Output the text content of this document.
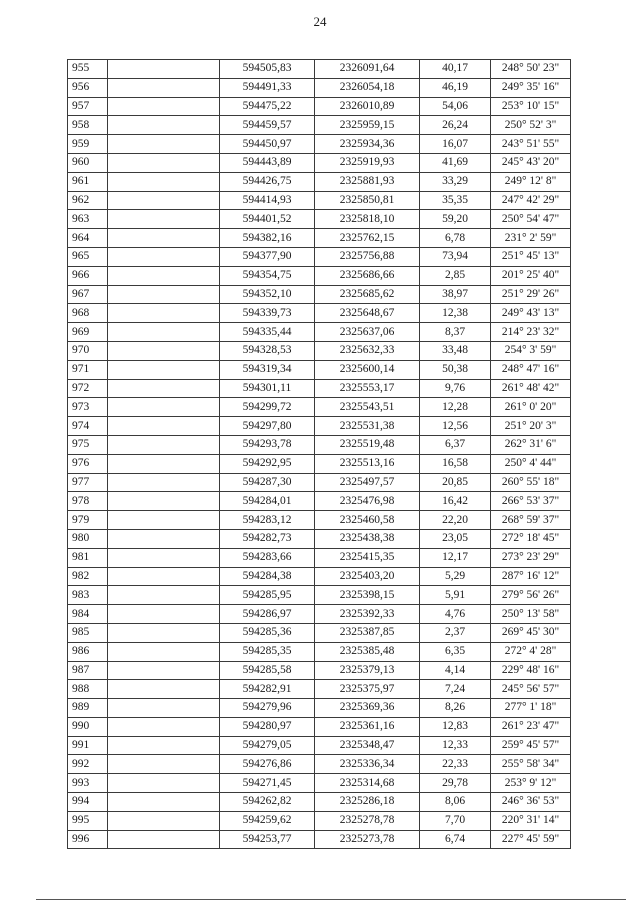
24
955		594505,83	2326091,64	40,17	248° 50' 23"
956		594491,33	2326054,18	46,19	249° 35' 16"
957		594475,22	2326010,89	54,06	253° 10' 15"
958		594459,57	2325959,15	26,24	250° 52' 3"
959		594450,97	2325934,36	16,07	243° 51' 55"
960		594443,89	2325919,93	41,69	245° 43' 20"
961		594426,75	2325881,93	33,29	249° 12' 8"
962		594414,93	2325850,81	35,35	247° 42' 29"
963		594401,52	2325818,10	59,20	250° 54' 47"
964		594382,16	2325762,15	6,78	231° 2' 59"
965		594377,90	2325756,88	73,94	251° 45' 13"
966		594354,75	2325686,66	2,85	201° 25' 40"
967		594352,10	2325685,62	38,97	251° 29' 26"
968		594339,73	2325648,67	12,38	249° 43' 13"
969		594335,44	2325637,06	8,37	214° 23' 32"
970		594328,53	2325632,33	33,48	254° 3' 59"
971		594319,34	2325600,14	50,38	248° 47' 16"
972		594301,11	2325553,17	9,76	261° 48' 42"
973		594299,72	2325543,51	12,28	261° 0' 20"
974		594297,80	2325531,38	12,56	251° 20' 3"
975		594293,78	2325519,48	6,37	262° 31' 6"
976		594292,95	2325513,16	16,58	250° 4' 44"
977		594287,30	2325497,57	20,85	260° 55' 18"
978		594284,01	2325476,98	16,42	266° 53' 37"
979		594283,12	2325460,58	22,20	268° 59' 37"
980		594282,73	2325438,38	23,05	272° 18' 45"
981		594283,66	2325415,35	12,17	273° 23' 29"
982		594284,38	2325403,20	5,29	287° 16' 12"
983		594285,95	2325398,15	5,91	279° 56' 26"
984		594286,97	2325392,33	4,76	250° 13' 58"
985		594285,36	2325387,85	2,37	269° 45' 30"
986		594285,35	2325385,48	6,35	272° 4' 28"
987		594285,58	2325379,13	4,14	229° 48' 16"
988		594282,91	2325375,97	7,24	245° 56' 57"
989		594279,96	2325369,36	8,26	277° 1' 18"
990		594280,97	2325361,16	12,83	261° 23' 47"
991		594279,05	2325348,47	12,33	259° 45' 57"
992		594276,86	2325336,34	22,33	255° 58' 34"
993		594271,45	2325314,68	29,78	253° 9' 12"
994		594262,82	2325286,18	8,06	246° 36' 53"
995		594259,62	2325278,78	7,70	220° 31' 14"
996		594253,77	2325273,78	6,74	227° 45' 59"
